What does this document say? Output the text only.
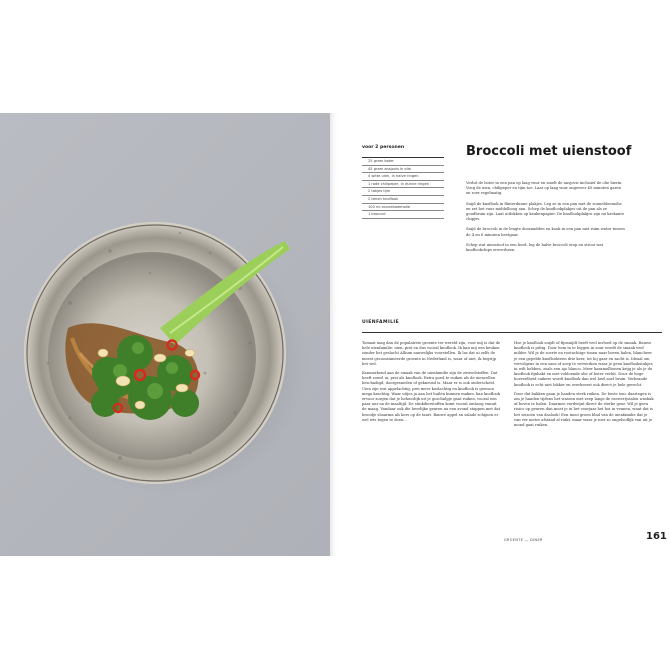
voor 2 personen
25 gram boter
45 gram ansjovis in olie
4 witte uien, in halve ringen
1 rode chilipeper, in dunne ringen
2 takjes tijm
2 tenen knoflook
100 ml zonnebloemolie
1 broccoli
Broccoli met uienstoof

Verhit de boter in een pan op laag vuur en smelt de ansjovis inclusief de olie hierin. Voeg de uien, chilipeper en tijm toe. Laat op laag vuur ongeveer 40 minuten garen en roer regelmatig.

Snijd de knoflook in flinterdunne plakjes. Leg ze in een pan met de zonnebloemolie en zet het vuur middelhoog aan. Schep de knoflookplakjes uit de pan als ze goudbruin zijn. Laat uitlekken op keukenpapier. De knoflookplakjes zijn nu krokante chipjes.

Snijd de broccoli in de lengte doormidden en kook in een pan met ruim water tussen de 4 en 6 minuten beetgaar.

Schep wat uienstoof in een bord, leg de halve broccoli erop en strooi wat knoflookchips eroverheen.

UIENFAMILIE

Tomaat mag dan de populairste groente ter wereld zijn, voor mij is dat de hele uienfamilie: uien, prei en dus vooral knoflook. Ik kan mij een keuken zonder het geslacht Allium nauwelijks voorstellen. Ik las dat ui zelfs de meest gecomsumeerde groente in Nederland is, waar of niet, ik begrijp het wel.

Kenmerkend aan de smaak van de uienfamilie zijn de zwavelstoffen. Dat heeft zowel ui, prei als knoflook. Extra goed te ruiken als de uiencellen beschadigd, doorgesneden of gekneusd is. Maar er is ook onderscheid. Uien zijn wat appelachtig, prei meer koolachtig en knoflook is gewoon mega krachtig. Waar uitjes ja aan het huilen kunnen maken, kan knoflook ervoor zorgen dat je behoorlijk uit je goschulpje gaat ruiken, vooral een paar uur na de maaltijd. De stinkdierstoffen komt vooral omhoog vanuit de maag. Vandaar ook die heerlijke geuren na een avond stappen met dat broodje shoarma als kers op de taart. Bauwe appel en salade schijnen er wel iets tegen te doen...

Hoe je knoflook snijdt of fijnsnijdt heeft veel invloed op de smaak. Rauwe knoflook is pittig. Door hem in te leggen in zuur wordt de smaak veel milder. Wil je de scerte en rootachtige tonen naar boven halen, blancheer je een gepelde knoflookteen drie keer, tot hij gaar en zacht is. Ideaal om vervolgens in een saus of soep te verwerken waar je geen knoflookstukjes in wilt hebben, zoals een ajo blanco. Meer karamelltonen krijg je als je de knoflook fijnhakt en met voldoende olie of boter verhit. Door de hoge hoeveelheid suikers wordt knoflook dan wel heel snel bruin. Verbrande knoflook is echt niet lekker en overheerst ook direct je hele gerecht.

Door dat bakken gaan je handen sterk ruiken. De beste truc daartegen is om je handen tijdens het wassen met zeep langs de roestvrijstalen wasbak af boven te halen. Daarmee verdwijnt direct de sterke geur. Wil je geen risico op geuren dan moet je in het voorjaar het hoi in vennen, want dat is het seizoen van daslook! Een mooi groen blad van de uienfamilie dat je van ver meter afstand al ruikt, maar waar je niet zo ongelooflijk van uit je mond gaat ruiken.

GROENTE — DINER	161
